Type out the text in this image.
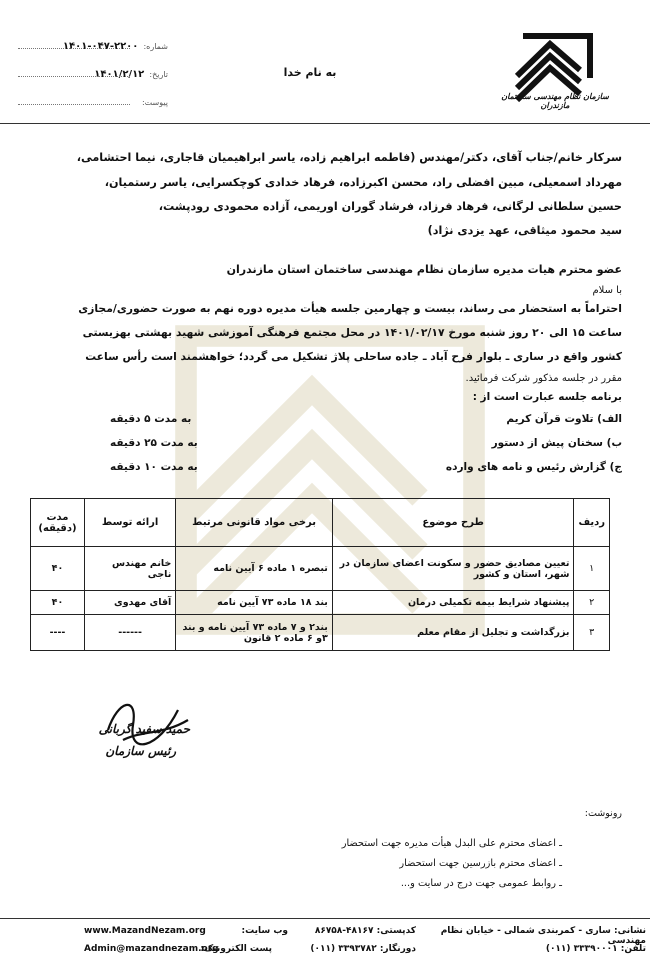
شماره: ۲۲۰۰-۰۴۷-۱۴۰۱
تاریخ: ۱۴۰۱/۲/۱۲
پیوست:
به نام خدا
سازمان نظام مهندسی ساختمان مازندران
سرکار خانم/جناب آقای، دکتر/مهندس (فاطمه ابراهیم زاده، یاسر ابراهیمیان قاجاری، نیما احتشامی،
مهرداد اسمعیلی، مبین افضلی راد، محسن اکبرزاده، فرهاد خدادی کوچکسرایی، یاسر رستمیان،
حسین سلطانی لرگانی، فرهاد فرزاد، فرشاد گوران اوریمی، آزاده محمودی رودپشت،
سید محمود میثاقی، عهد یزدی نژاد)
عضو محترم هیات مدیره سازمان نظام مهندسی ساختمان استان مازندران
با سلام
احتراماً به استحضار می رساند، بیست و چهارمین جلسه هیأت مدیره دوره نهم به صورت حضوری/مجازی
ساعت ۱۵ الی ۲۰ روز شنبه مورخ ۱۴۰۱/۰۲/۱۷ در محل مجتمع فرهنگی آموزشی شهید بهشتی بهزیستی
کشور واقع در ساری ـ بلوار فرح آباد ـ جاده ساحلی پلاژ تشکیل می گردد؛ خواهشمند است رأس ساعت
مقرر در جلسه مذکور شرکت فرمائید.
برنامه جلسه عبارت است از :
الف) تلاوت قرآن کریم
به مدت ۵ دقیقه
ب) سخنان پیش از دستور
به مدت ۲۵ دقیقه
ج) گزارش رئیس و نامه های وارده
به مدت ۱۰ دقیقه
ردیف	طرح موضوع	برخی مواد قانونی مرتبط	ارائه توسط	مدت (دقیقه)
۱	تعیین مصادیق حضور و سکونت اعضای سازمان در شهر، استان و کشور	تبصره ۱ ماده ۶ آیین نامه	خانم مهندس ناجی	۴۰
۲	پیشنهاد شرایط بیمه تکمیلی درمان	بند ۱۸ ماده ۷۳ آیین نامه	آقای مهدوی	۴۰
۳	بزرگداشت و تجلیل از مقام معلم	بند۲ و ۷ ماده ۷۳ آیین نامه و بند ۳و ۶ ماده ۲ قانون	------	----
حمید سفید گربانی
رئیس سازمان
رونوشت:
ـ اعضای محترم علی البدل هیأت مدیره جهت استحضار
ـ اعضای محترم بازرسین جهت استحضار
ـ روابط عمومی جهت درج در سایت و...
نشانی: ساری - کمربندی شمالی - خیابان نظام مهندسی
کدپستی: ۴۸۱۶۷-۸۶۷۵۸
وب سایت:
www.MazandNezam.org
تلفن: ۳۳۳۹۰۰۰۱ (۰۱۱)
دورنگار: ۳۳۹۳۷۸۲ (۰۱۱)
پست الکترونیک:
Admin@mazandnezam.org
